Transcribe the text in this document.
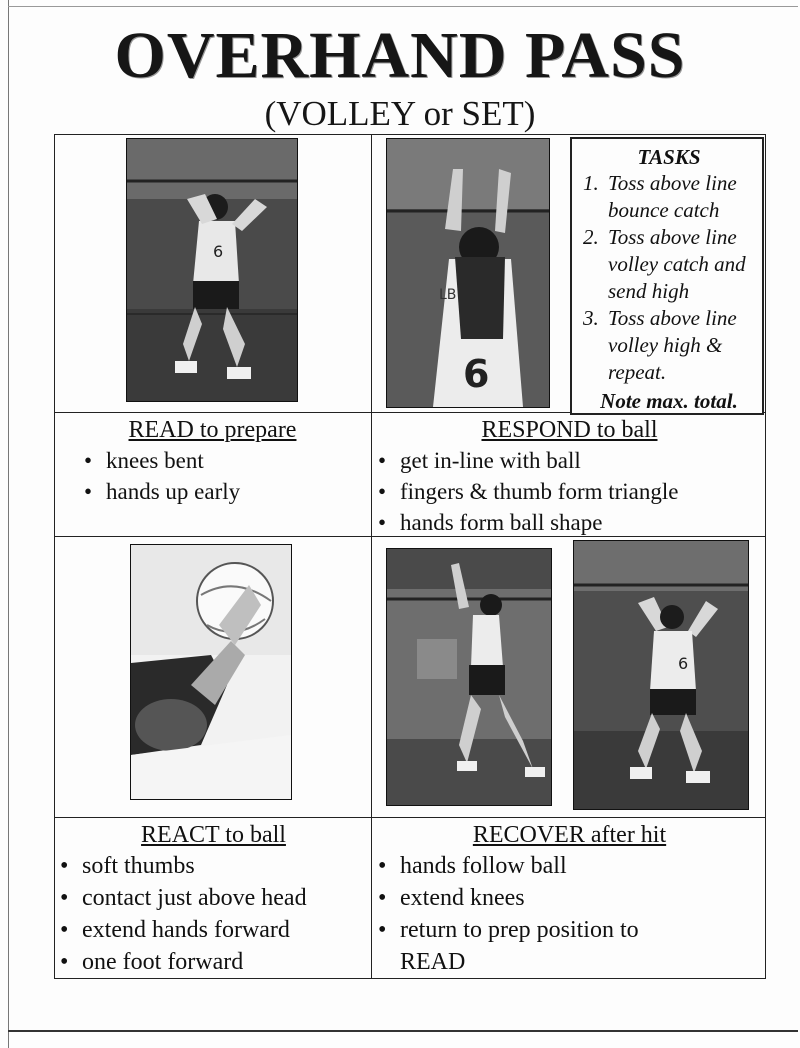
OVERHAND PASS
(VOLLEY or SET)
6
LB
6
6
TASKS
1. Toss above line bounce catch
2. Toss above line volley catch and send high
3. Toss above line volley high & repeat.
Note max. total.
READ to prepare
• knees bent
• hands up early
RESPOND to ball
• get in-line with ball
• fingers & thumb form triangle
• hands form ball shape
REACT to ball
• soft thumbs
• contact just above head
• extend hands forward
• one foot forward
RECOVER after hit
• hands follow ball
• extend knees
• return to prep position to READ
